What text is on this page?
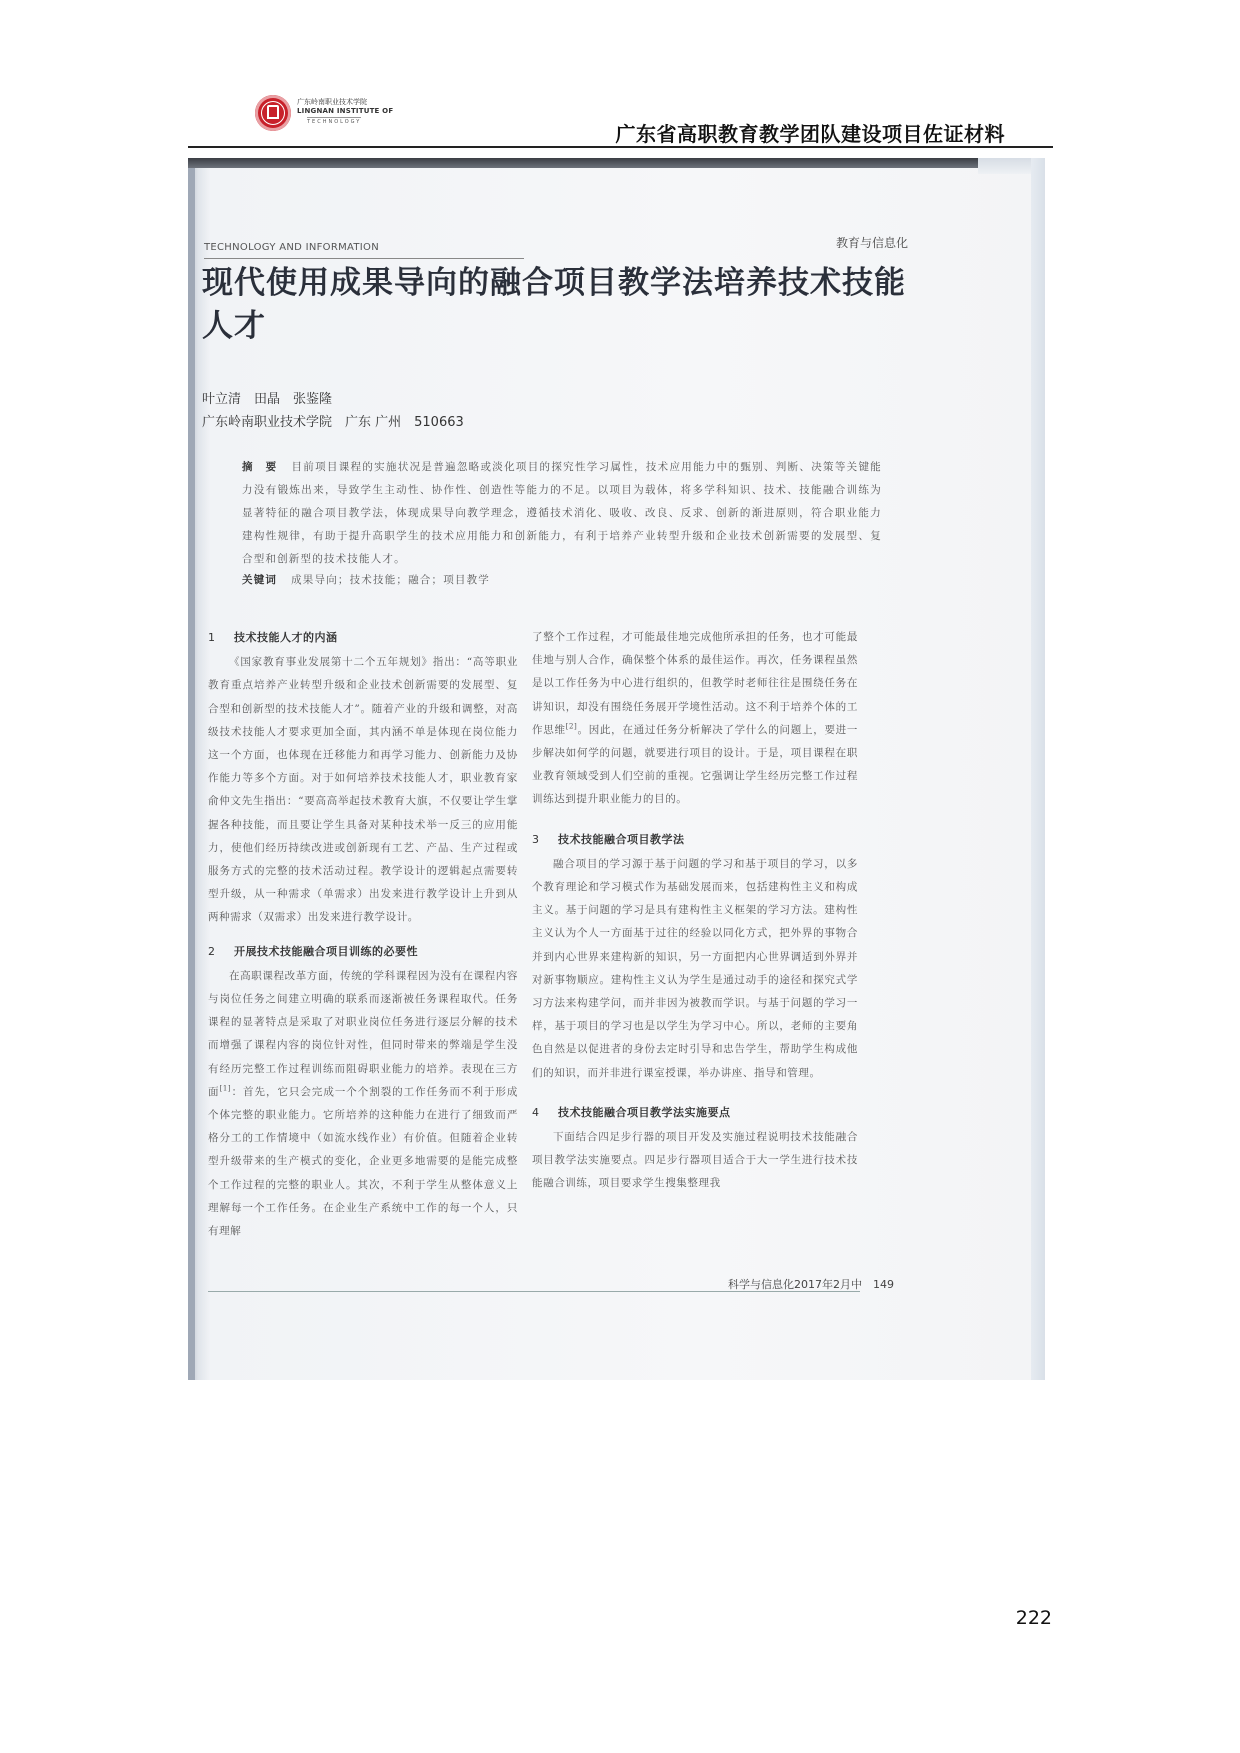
广东岭南职业技术学院
LINGNAN INSTITUTE OF
TECHNOLOGY	广东省高职教育教学团队建设项目佐证材料
TECHNOLOGY AND INFORMATION	教育与信息化
现代使用成果导向的融合项目教学法培养技术技能人才
叶立清　田晶　张鉴隆
广东岭南职业技术学院　广东 广州　510663
摘　要 目前项目课程的实施状况是普遍忽略或淡化项目的探究性学习属性，技术应用能力中的甄别、判断、决策等关键能力没有锻炼出来，导致学生主动性、协作性、创造性等能力的不足。以项目为载体，将多学科知识、技术、技能融合训练为显著特征的融合项目教学法，体现成果导向教学理念，遵循技术消化、吸收、改良、反求、创新的渐进原则，符合职业能力建构性规律，有助于提升高职学生的技术应用能力和创新能力，有利于培养产业转型升级和企业技术创新需要的发展型、复合型和创新型的技术技能人才。
关键词 成果导向；技术技能；融合；项目教学
1 技术技能人才的内涵

《国家教育事业发展第十二个五年规划》指出：“高等职业教育重点培养产业转型升级和企业技术创新需要的发展型、复合型和创新型的技术技能人才”。随着产业的升级和调整，对高级技术技能人才要求更加全面，其内涵不单是体现在岗位能力这一个方面，也体现在迁移能力和再学习能力、创新能力及协作能力等多个方面。对于如何培养技术技能人才，职业教育家俞仲文先生指出：“要高高举起技术教育大旗，不仅要让学生掌握各种技能，而且要让学生具备对某种技术举一反三的应用能力，使他们经历持续改进或创新现有工艺、产品、生产过程或服务方式的完整的技术活动过程。教学设计的逻辑起点需要转型升级，从一种需求（单需求）出发来进行教学设计上升到从两种需求（双需求）出发来进行教学设计。

2 开展技术技能融合项目训练的必要性

在高职课程改革方面，传统的学科课程因为没有在课程内容与岗位任务之间建立明确的联系而逐渐被任务课程取代。任务课程的显著特点是采取了对职业岗位任务进行逐层分解的技术而增强了课程内容的岗位针对性，但同时带来的弊端是学生没有经历完整工作过程训练而阻碍职业能力的培养。表现在三方面[1]：首先，它只会完成一个个割裂的工作任务而不利于形成个体完整的职业能力。它所培养的这种能力在进行了细致而严格分工的工作情境中（如流水线作业）有价值。但随着企业转型升级带来的生产模式的变化，企业更多地需要的是能完成整个工作过程的完整的职业人。其次，不利于学生从整体意义上理解每一个工作任务。在企业生产系统中工作的每一个人，只有理解

了整个工作过程，才可能最佳地完成他所承担的任务，也才可能最佳地与别人合作，确保整个体系的最佳运作。再次，任务课程虽然是以工作任务为中心进行组织的，但教学时老师往往是围绕任务在讲知识，却没有围绕任务展开学境性活动。这不利于培养个体的工作思维[2]。因此，在通过任务分析解决了学什么的问题上，要进一步解决如何学的问题，就要进行项目的设计。于是，项目课程在职业教育领域受到人们空前的重视。它强调让学生经历完整工作过程训练达到提升职业能力的目的。

3 技术技能融合项目教学法

融合项目的学习源于基于问题的学习和基于项目的学习，以多个教育理论和学习模式作为基础发展而来，包括建构性主义和构成主义。基于问题的学习是具有建构性主义框架的学习方法。建构性主义认为个人一方面基于过往的经验以同化方式，把外界的事物合并到内心世界来建构新的知识，另一方面把内心世界调适到外界并对新事物顺应。建构性主义认为学生是通过动手的途径和探究式学习方法来构建学问，而并非因为被教而学识。与基于问题的学习一样，基于项目的学习也是以学生为学习中心。所以，老师的主要角色自然是以促进者的身份去定时引导和忠告学生，帮助学生构成他们的知识，而并非进行课室授课，举办讲座、指导和管理。

4 技术技能融合项目教学法实施要点

下面结合四足步行器的项目开发及实施过程说明技术技能融合项目教学法实施要点。四足步行器项目适合于大一学生进行技术技能融合训练，项目要求学生搜集整理我

科学与信息化2017年2月中　149
222
